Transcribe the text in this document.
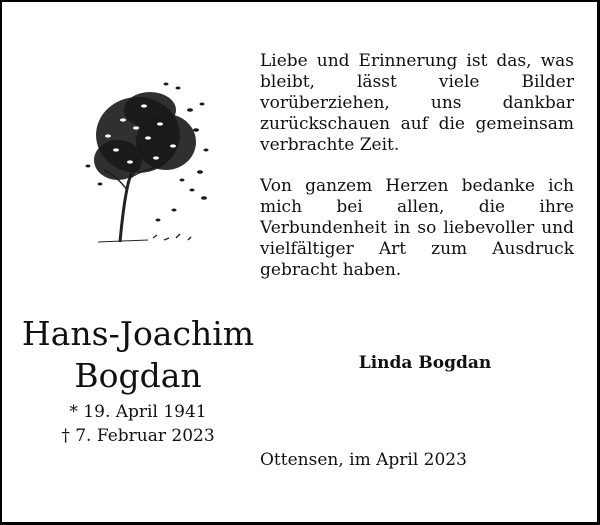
Liebe und Erinnerung ist das, was bleibt, lässt viele Bilder vorüberziehen, uns dankbar zurückschauen auf die gemeinsam verbrachte Zeit.

Von ganzem Herzen bedanke ich mich bei allen, die ihre Verbundenheit in so liebevoller und vielfältiger Art zum Ausdruck gebracht haben.

Hans-Joachim
Bogdan
* 19. April 1941
† 7. Februar 2023
Linda Bogdan
Ottensen, im April 2023
